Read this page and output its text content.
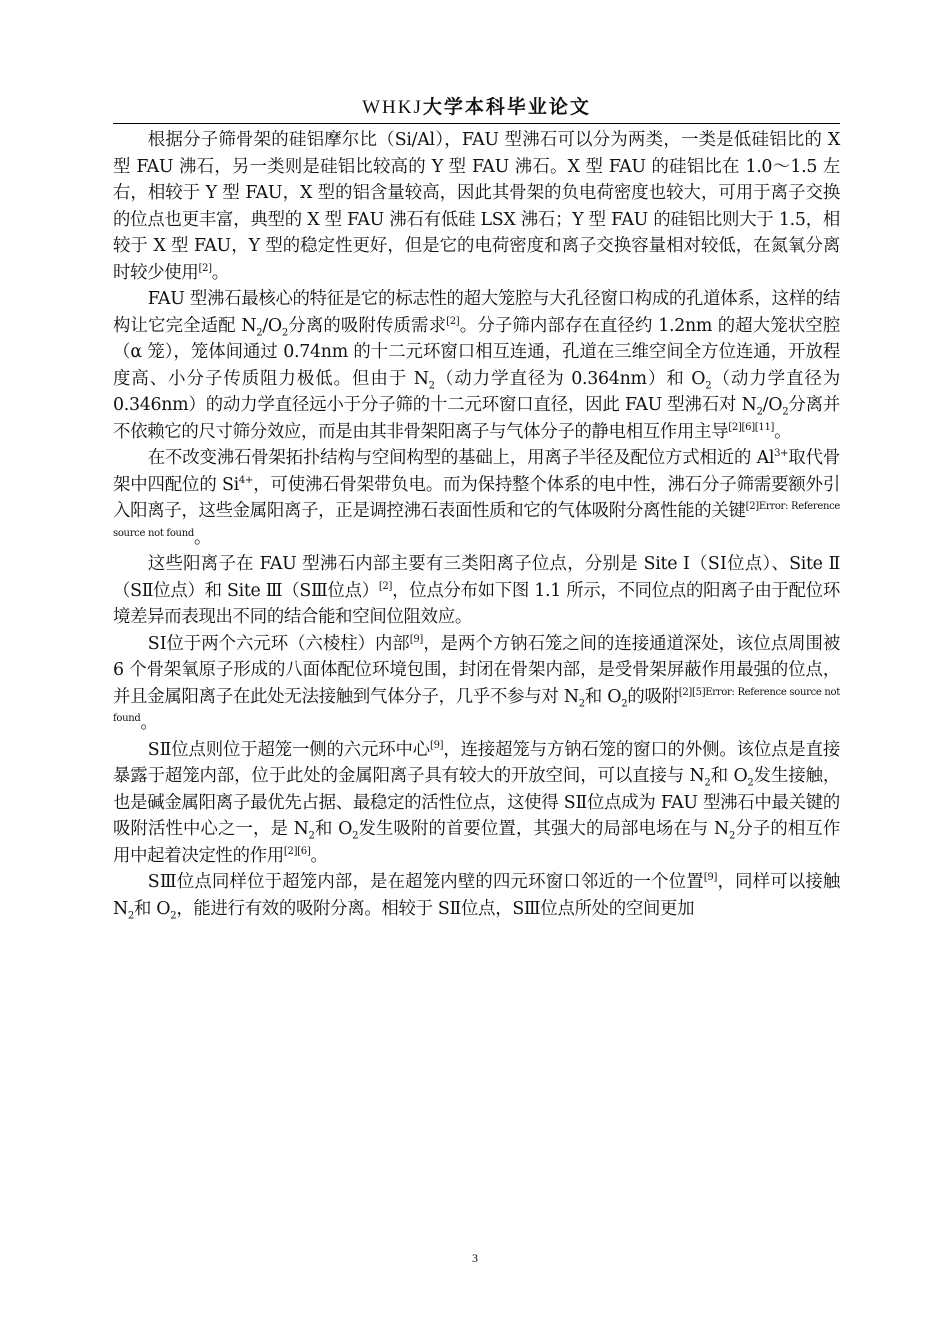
WHKJ大学本科毕业论文

根据分子筛骨架的硅铝摩尔比（Si/Al），FAU 型沸石可以分为两类，一类是低硅铝比的 X 型 FAU 沸石，另一类则是硅铝比较高的 Y 型 FAU 沸石。X 型 FAU 的硅铝比在 1.0～1.5 左右，相较于 Y 型 FAU，X 型的铝含量较高，因此其骨架的负电荷密度也较大，可用于离子交换的位点也更丰富，典型的 X 型 FAU 沸石有低硅 LSX 沸石；Y 型 FAU 的硅铝比则大于 1.5，相较于 X 型 FAU，Y 型的稳定性更好，但是它的电荷密度和离子交换容量相对较低，在氮氧分离时较少使用[2]。

FAU 型沸石最核心的特征是它的标志性的超大笼腔与大孔径窗口构成的孔道体系，这样的结构让它完全适配 $N_2/O_2$分离的吸附传质需求[2]。分子筛内部存在直径约 1.2nm 的超大笼状空腔（α 笼），笼体间通过 0.74nm 的十二元环窗口相互连通，孔道在三维空间全方位连通，开放程度高、小分子传质阻力极低。但由于 $N_2$（动力学直径为 0.364nm）和 $O_2$（动力学直径为 0.346nm）的动力学直径远小于分子筛的十二元环窗口直径，因此 FAU 型沸石对 $N_2/O_2$分离并不依赖它的尺寸筛分效应，而是由其非骨架阳离子与气体分子的静电相互作用主导[2][6][11]。

在不改变沸石骨架拓扑结构与空间构型的基础上，用离子半径及配位方式相近的 $Al^{3+}$取代骨架中四配位的 $Si^{4+}$，可使沸石骨架带负电。而为保持整个体系的电中性，沸石分子筛需要额外引入阳离子，这些金属阳离子，正是调控沸石表面性质和它的气体吸附分离性能的关键$^{[2]Error: Reference source not found}$。

这些阳离子在 FAU 型沸石内部主要有三类阳离子位点，分别是 Site Ⅰ（SⅠ位点）、Site Ⅱ（SⅡ位点）和 Site Ⅲ（SⅢ位点）[2]，位点分布如下图 1.1 所示，不同位点的阳离子由于配位环境差异而表现出不同的结合能和空间位阻效应。

SⅠ位于两个六元环（六棱柱）内部[9]，是两个方钠石笼之间的连接通道深处，该位点周围被 6 个骨架氧原子形成的八面体配位环境包围，封闭在骨架内部，是受骨架屏蔽作用最强的位点，并且金属阳离子在此处无法接触到气体分子，几乎不参与对 $N_2$和 $O_2$的吸附$^{[2][5]Error: Reference source not found}$。

SⅡ位点则位于超笼一侧的六元环中心[9]，连接超笼与方钠石笼的窗口的外侧。该位点是直接暴露于超笼内部，位于此处的金属阳离子具有较大的开放空间，可以直接与 $N_2$和 $O_2$发生接触，也是碱金属阳离子最优先占据、最稳定的活性位点，这使得 SⅡ位点成为 FAU 型沸石中最关键的吸附活性中心之一，是 $N_2$和 $O_2$发生吸附的首要位置，其强大的局部电场在与 $N_2$分子的相互作用中起着决定性的作用[2][6]。

SⅢ位点同样位于超笼内部，是在超笼内壁的四元环窗口邻近的一个位置[9]，同样可以接触 $N_2$和 $O_2$，能进行有效的吸附分离。相较于 SⅡ位点，SⅢ位点所处的空间更加

3
